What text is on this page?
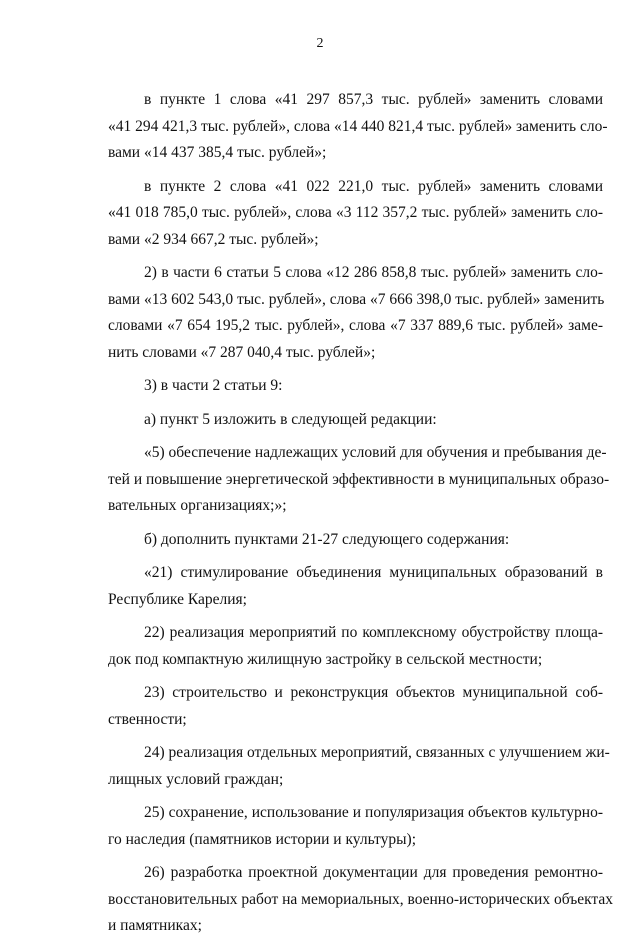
2

в пункте 1 слова «41 297 857,3 тыс. рублей» заменить словами
«41 294 421,3 тыс. рублей», слова «14 440 821,4 тыс. рублей» заменить сло-
вами «14 437 385,4 тыс. рублей»;

в пункте 2 слова «41 022 221,0 тыс. рублей» заменить словами
«41 018 785,0 тыс. рублей», слова «3 112 357,2 тыс. рублей» заменить сло-
вами «2 934 667,2 тыс. рублей»;

2) в части 6 статьи 5 слова «12 286 858,8 тыс. рублей» заменить сло-
вами «13 602 543,0 тыс. рублей», слова «7 666 398,0 тыс. рублей» заменить
словами «7 654 195,2 тыс. рублей», слова «7 337 889,6 тыс. рублей» заме-
нить словами «7 287 040,4 тыс. рублей»;

3) в части 2 статьи 9:

а) пункт 5 изложить в следующей редакции:

«5) обеспечение надлежащих условий для обучения и пребывания де-
тей и повышение энергетической эффективности в муниципальных образо-
вательных организациях;»;

б) дополнить пунктами 21-27 следующего содержания:

«21) стимулирование объединения муниципальных образований в
Республике Карелия;

22) реализация мероприятий по комплексному обустройству площа-
док под компактную жилищную застройку в сельской местности;

23) строительство и реконструкция объектов муниципальной соб-
ственности;

24) реализация отдельных мероприятий, связанных с улучшением жи-
лищных условий граждан;

25) сохранение, использование и популяризация объектов культурно-
го наследия (памятников истории и культуры);

26) разработка проектной документации для проведения ремонтно-
восстановительных работ на мемориальных, военно-исторических объектах
и памятниках;
